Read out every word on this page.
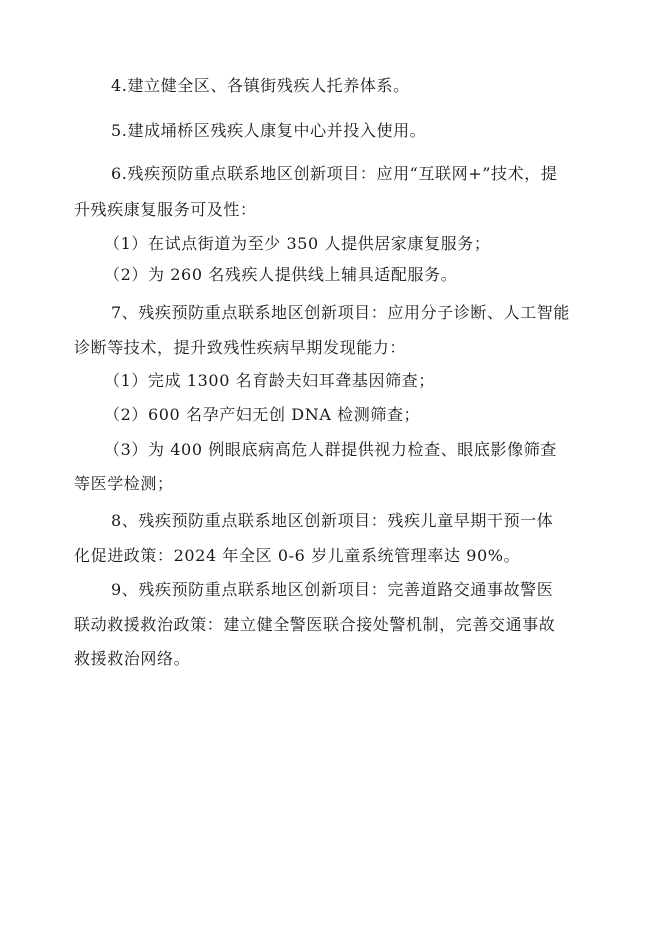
4.建立健全区、各镇街残疾人托养体系。
5.建成埇桥区残疾人康复中心并投入使用。
6.残疾预防重点联系地区创新项目：应用“互联网+”技术，提
升残疾康复服务可及性：
（1）在试点街道为至少 350 人提供居家康复服务；
（2）为 260 名残疾人提供线上辅具适配服务。
7、残疾预防重点联系地区创新项目：应用分子诊断、人工智能
诊断等技术，提升致残性疾病早期发现能力：
（1）完成 1300 名育龄夫妇耳聋基因筛查；
（2）600 名孕产妇无创 DNA 检测筛查；
（3）为 400 例眼底病高危人群提供视力检查、眼底影像筛查
等医学检测；
8、残疾预防重点联系地区创新项目：残疾儿童早期干预一体
化促进政策：2024 年全区 0-6 岁儿童系统管理率达 90%。
9、残疾预防重点联系地区创新项目：完善道路交通事故警医
联动救援救治政策：建立健全警医联合接处警机制，完善交通事故
救援救治网络。
